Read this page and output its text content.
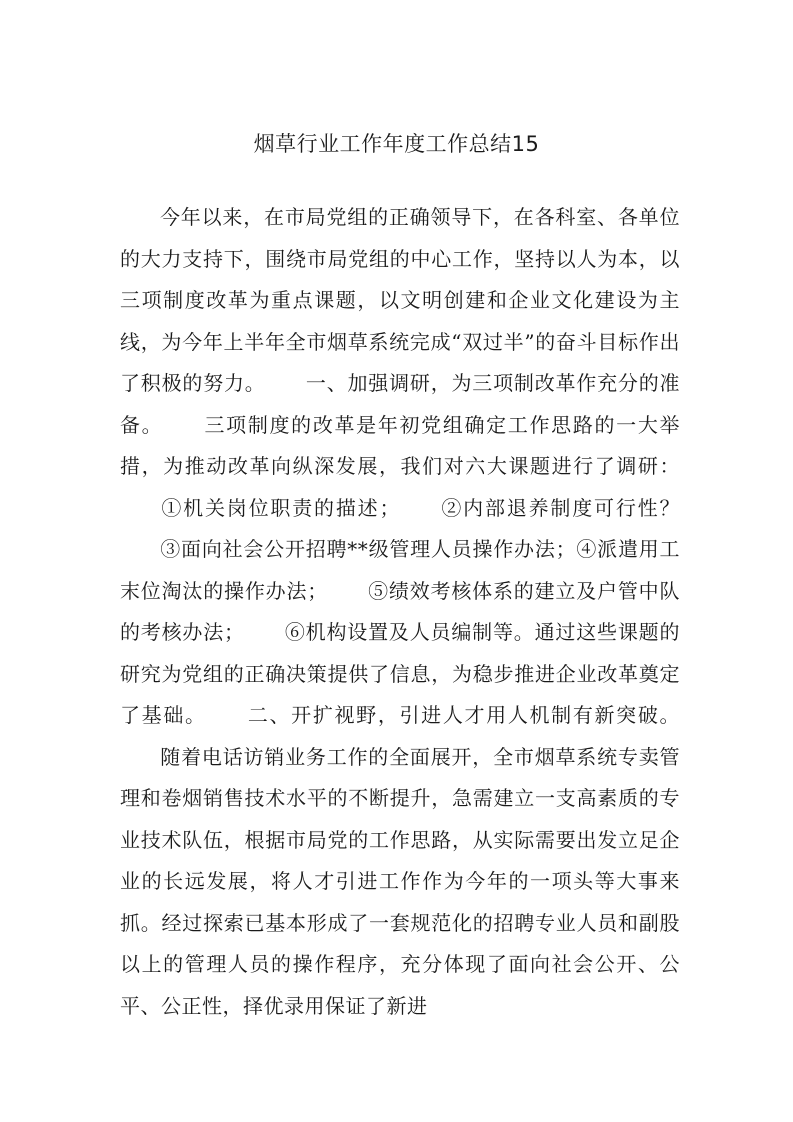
烟草行业工作年度工作总结15

今年以来，在市局党组的正确领导下，在各科室、各单位的大力支持下，围绕市局党组的中心工作，坚持以人为本，以三项制度改革为重点课题，以文明创建和企业文化建设为主线，为今年上半年全市烟草系统完成“双过半”的奋斗目标作出了积极的努力。 一、加强调研，为三项制改革作充分的准备。 三项制度的改革是年初党组确定工作思路的一大举措，为推动改革向纵深发展，我们对六大课题进行了调研：①机关岗位职责的描述； ②内部退养制度可行性？③面向社会公开招聘**级管理人员操作办法；④派遣用工末位淘汰的操作办法； ⑤绩效考核体系的建立及户管中队的考核办法； ⑥机构设置及人员编制等。通过这些课题的研究为党组的正确决策提供了信息，为稳步推进企业改革奠定了基础。 二、开扩视野，引进人才用人机制有新突破。随着电话访销业务工作的全面展开，全市烟草系统专卖管理和卷烟销售技术水平的不断提升，急需建立一支高素质的专业技术队伍，根据市局党的工作思路，从实际需要出发立足企业的长远发展，将人才引进工作作为今年的一项头等大事来抓。经过探索已基本形成了一套规范化的招聘专业人员和副股以上的管理人员的操作程序，充分体现了面向社会公开、公平、公正性，择优录用保证了新进
